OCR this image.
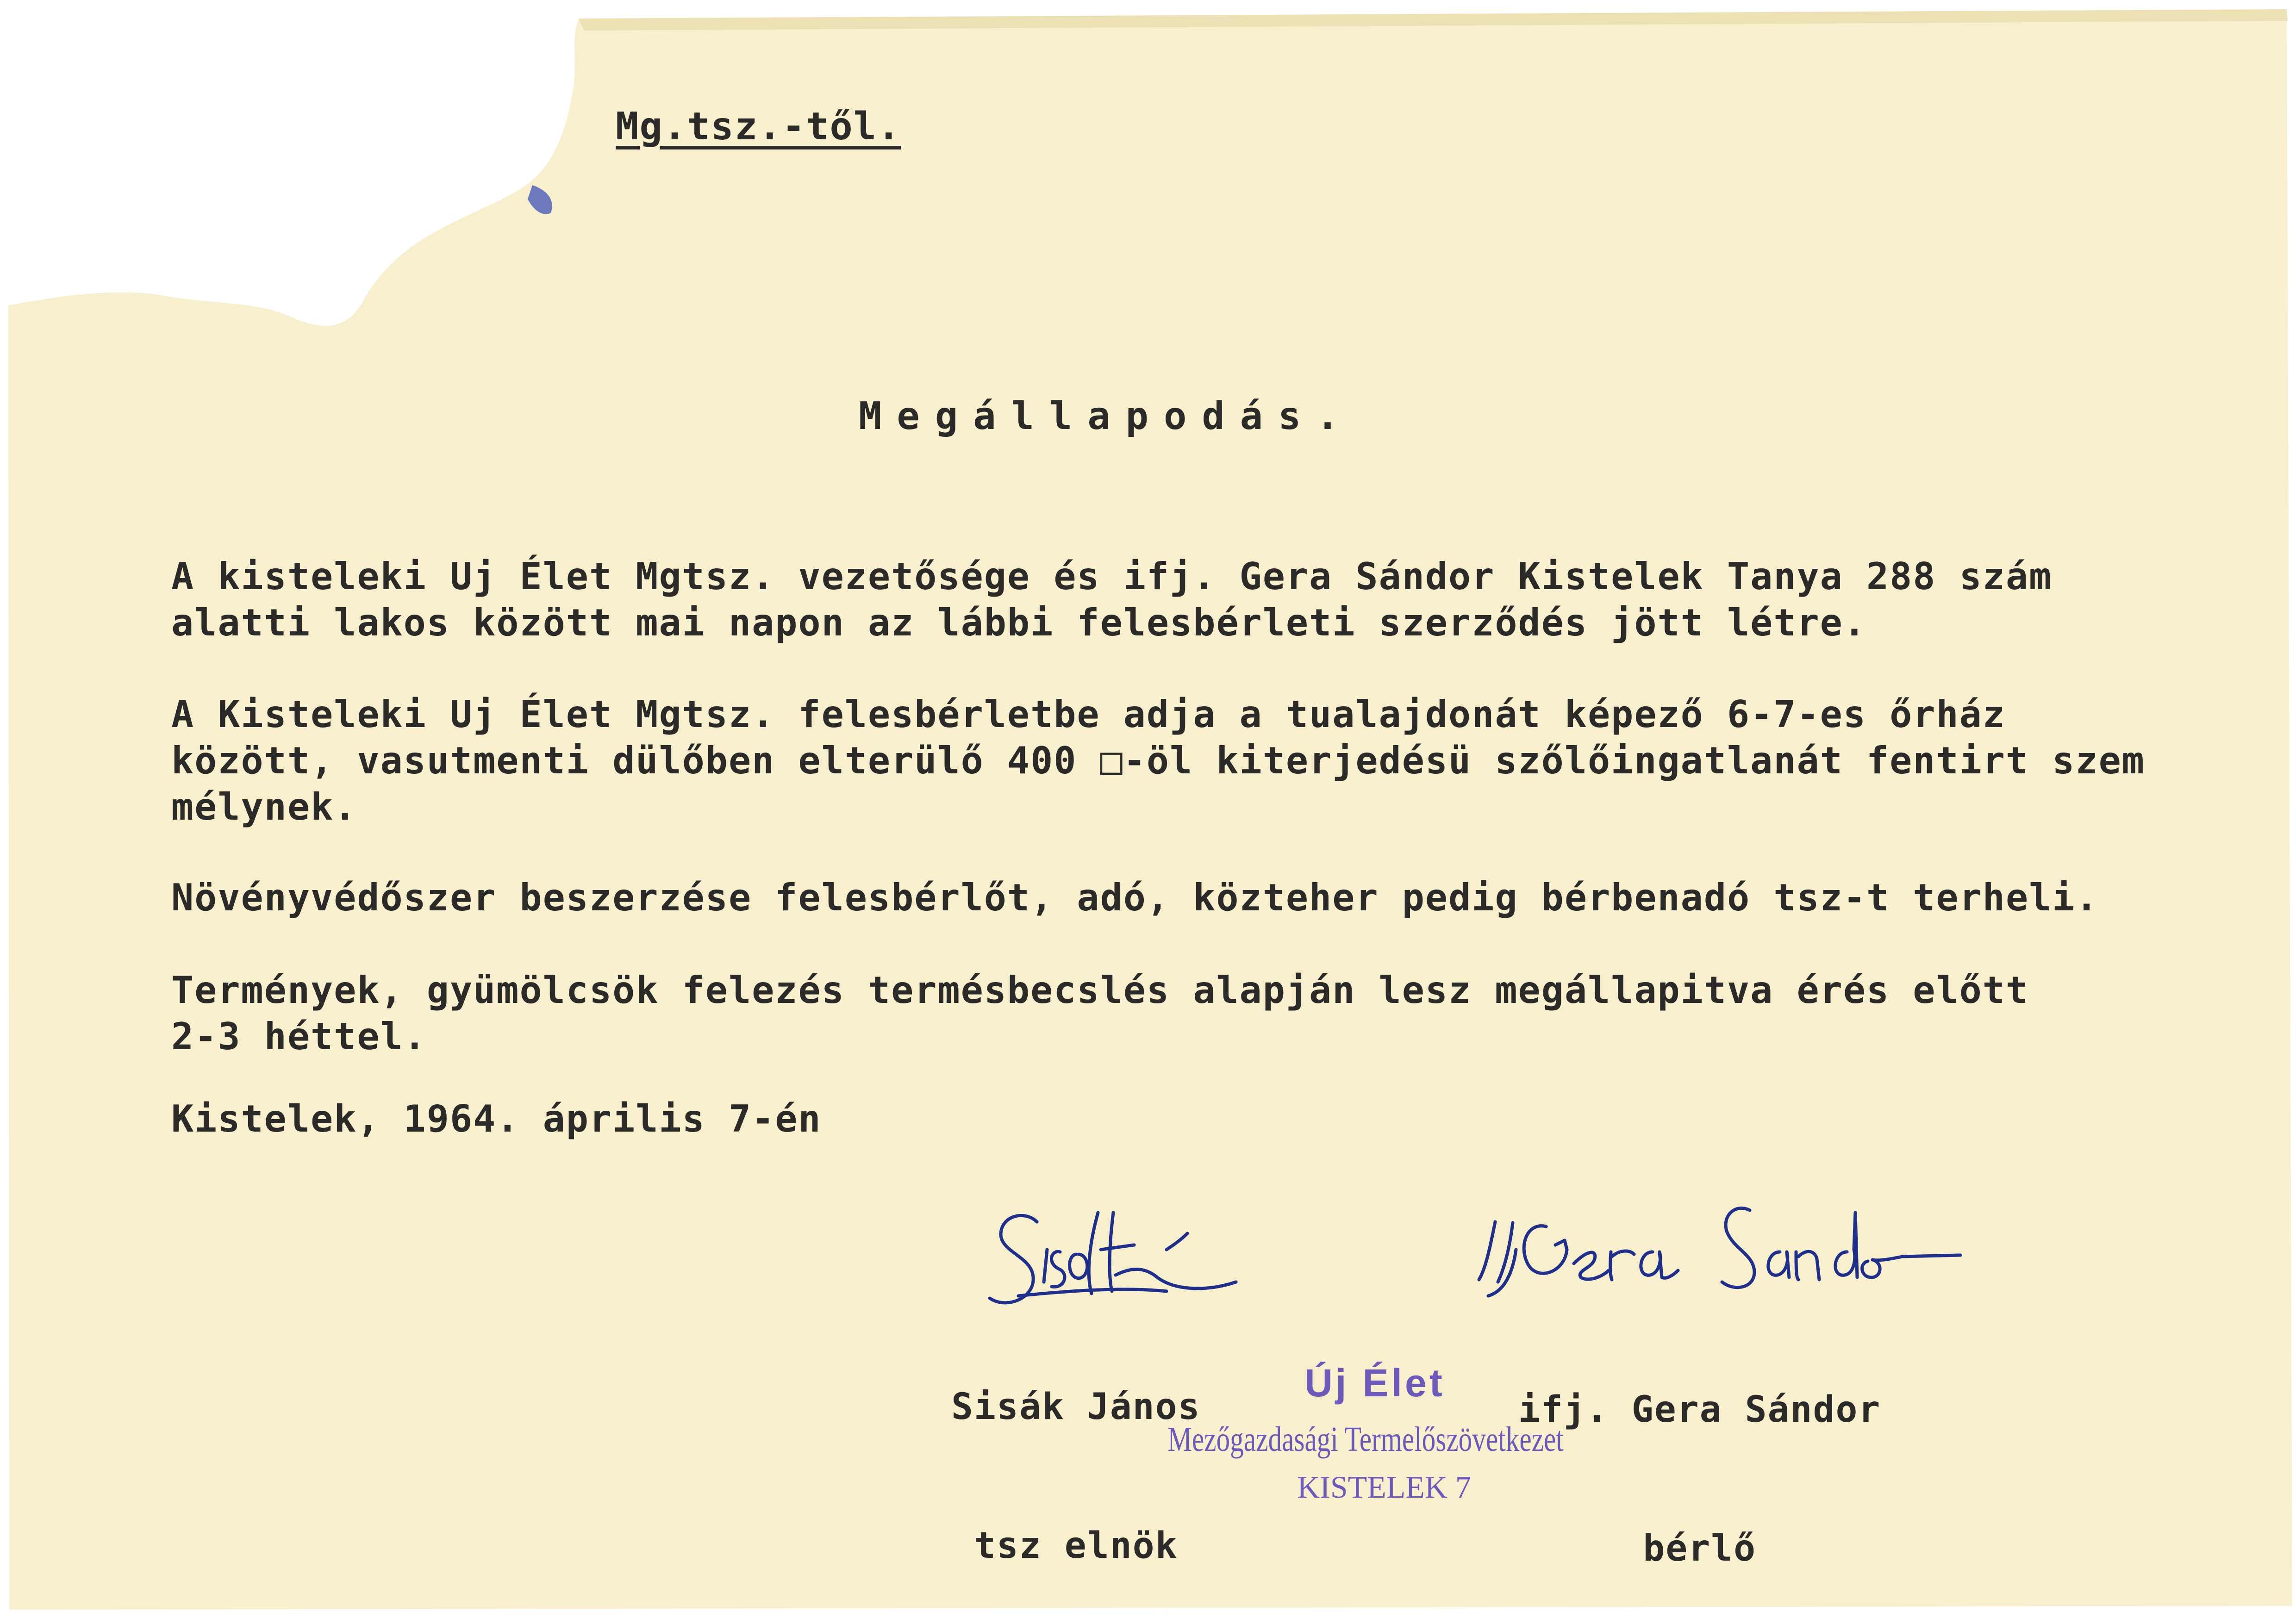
Mg.tsz.-től.
Megállapodás.
A kisteleki Uj Élet Mgtsz. vezetősége és ifj. Gera Sándor Kistelek Tanya 288 szám
alatti lakos között mai napon az lábbi felesbérleti szerződés jött létre.
A Kisteleki Uj Élet Mgtsz. felesbérletbe adja a tualajdonát képező 6-7-es őrház
között, vasutmenti dülőben elterülő 400 □-öl kiterjedésü szőlőingatlanát fentirt szem
mélynek.
Növényvédőszer beszerzése felesbérlőt, adó, közteher pedig bérbenadó tsz-t terheli.
Termények, gyümölcsök felezés termésbecslés alapján lesz megállapitva érés előtt
2-3 héttel.
Kistelek, 1964. április 7-én

Sisák János

tsz elnök

ifj. Gera Sándor

bérlő

Új Élet
Mezőgazdasági Termelőszövetkezet
KISTELEK 7
